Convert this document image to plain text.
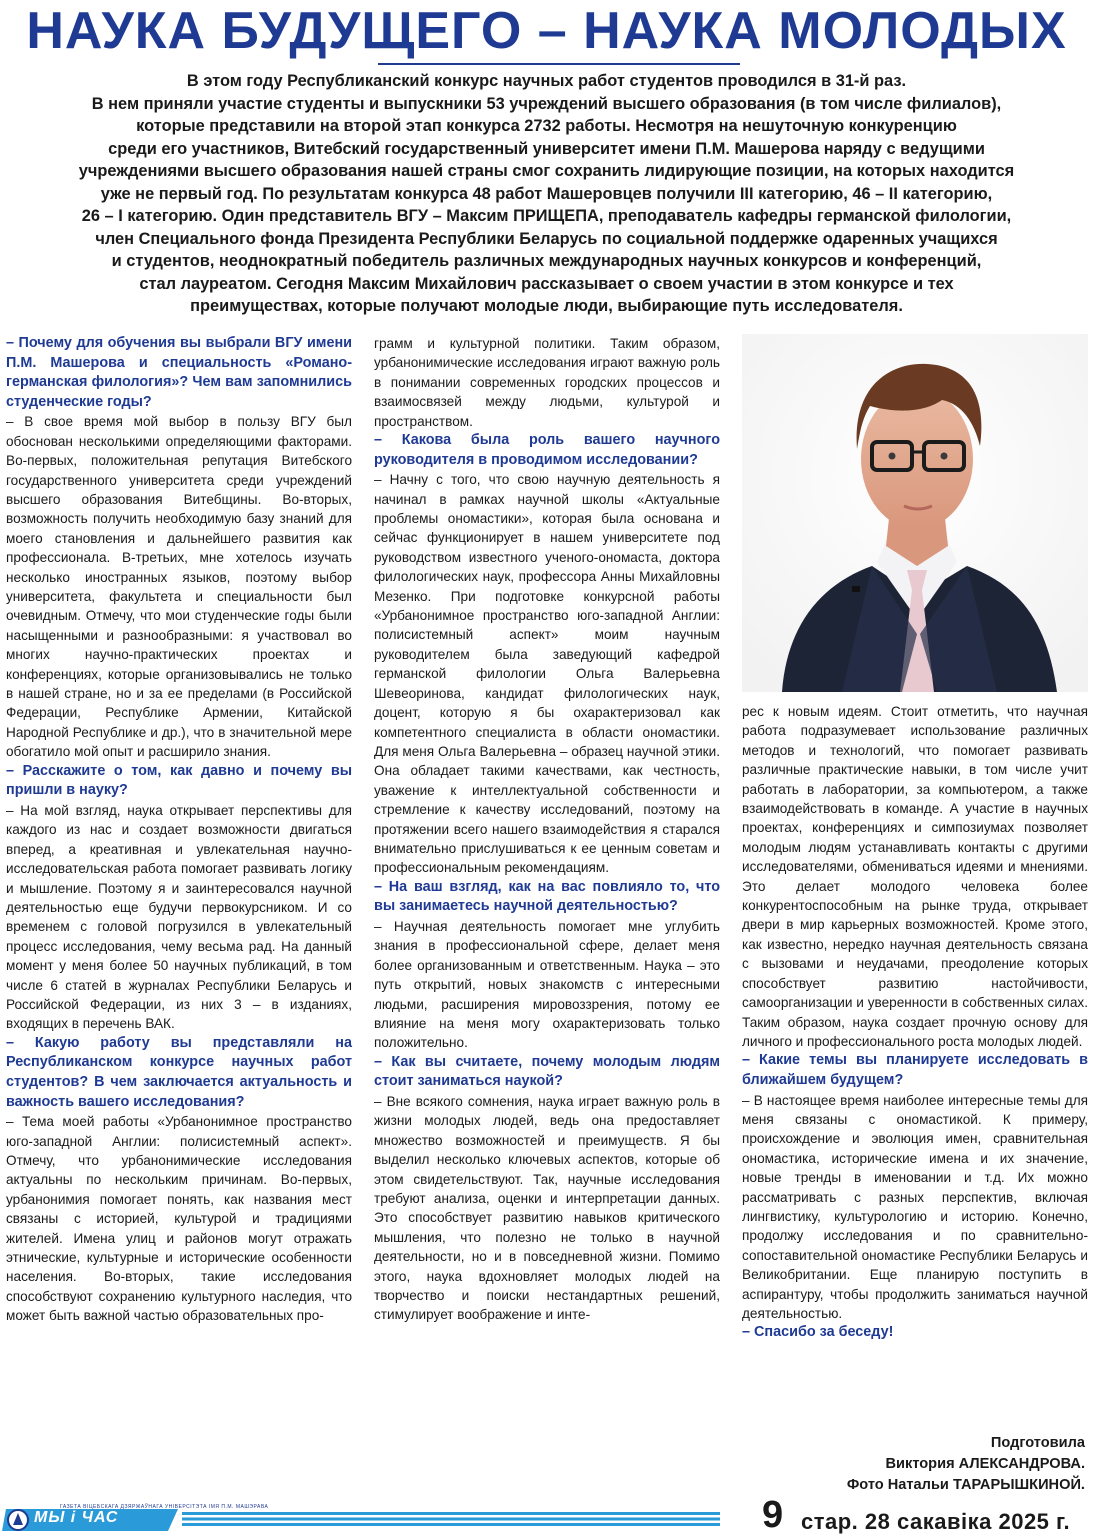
НАУКА БУДУЩЕГО – НАУКА МОЛОДЫХ

В этом году Республиканский конкурс научных работ студентов проводился в 31-й раз.

В нем приняли участие студенты и выпускники 53 учреждений высшего образования (в том числе филиалов),

которые представили на второй этап конкурса 2732 работы. Несмотря на нешуточную конкуренцию

среди его участников, Витебский государственный университет имени П.М. Машерова наряду с ведущими

учреждениями высшего образования нашей страны смог сохранить лидирующие позиции, на которых находится

уже не первый год. По результатам конкурса 48 работ Машеровцев получили III категорию, 46 – II категорию,

26 – I категорию. Один представитель ВГУ – Максим ПРИЩЕПА, преподаватель кафедры германской филологии,

член Специального фонда Президента Республики Беларусь по социальной поддержке одаренных учащихся

и студентов, неоднократный победитель различных международных научных конкурсов и конференций,

стал лауреатом. Сегодня Максим Михайлович рассказывает о своем участии в этом конкурсе и тех

преимуществах, которые получают молодые люди, выбирающие путь исследователя.

– Почему для обучения вы выбрали ВГУ имени П.М. Машерова и специальность «Романо-германская филология»? Чем вам запомнились студенческие годы?

– В свое время мой выбор в пользу ВГУ был обоснован несколькими определяющими факторами. Во-первых, положительная репутация Витебского государственного университета среди учреждений высшего образования Витебщины. Во-вторых, возможность получить необходимую базу знаний для моего становления и дальнейшего развития как профессионала. В-третьих, мне хотелось изучать несколько иностранных языков, поэтому выбор университета, факультета и специальности был очевидным. Отмечу, что мои студенческие годы были насыщенными и разнообразными: я участвовал во многих научно-практических проектах и конференциях, которые организовывались не только в нашей стране, но и за ее пределами (в Российской Федерации, Республике Армении, Китайской Народной Республике и др.), что в значительной мере обогатило мой опыт и расширило знания.

– Расскажите о том, как давно и почему вы пришли в науку?

– На мой взгляд, наука открывает перспективы для каждого из нас и создает возможности двигаться вперед, а креативная и увлекательная научно-исследовательская работа помогает развивать логику и мышление. Поэтому я и заинтересовался научной деятельностью еще будучи первокурсником. И со временем с головой погрузился в увлекательный процесс исследования, чему весьма рад. На данный момент у меня более 50 научных публикаций, в том числе 6 статей в журналах Республики Беларусь и Российской Федерации, из них 3 – в изданиях, входящих в перечень ВАК.

– Какую работу вы представляли на Республиканском конкурсе научных работ студентов? В чем заключается актуальность и важность вашего исследования?

– Тема моей работы «Урбанонимное пространство юго-западной Англии: полисистемный аспект». Отмечу, что урбанонимические исследования актуальны по нескольким причинам. Во-первых, урбанонимия помогает понять, как названия мест связаны с историей, культурой и традициями жителей. Имена улиц и районов могут отражать этнические, культурные и исторические особенности населения. Во-вторых, такие исследования способствуют сохранению культурного наследия, что может быть важной частью образовательных про-

грамм и культурной политики. Таким образом, урбанонимические исследования играют важную роль в понимании современных городских процессов и взаимосвязей между людьми, культурой и пространством.

– Какова была роль вашего научного руководителя в проводимом исследовании?

– Начну с того, что свою научную деятельность я начинал в рамках научной школы «Актуальные проблемы ономастики», которая была основана и сейчас функционирует в нашем университете под руководством известного ученого-ономаста, доктора филологических наук, профессора Анны Михайловны Мезенко. При подготовке конкурсной работы «Урбанонимное пространство юго-западной Англии: полисистемный аспект» моим научным руководителем была заведующий кафедрой германской филологии Ольга Валерьевна Шевеоринова, кандидат филологических наук, доцент, которую я бы охарактеризовал как компетентного специалиста в области ономастики. Для меня Ольга Валерьевна – образец научной этики. Она обладает такими качествами, как честность, уважение к интеллектуальной собственности и стремление к качеству исследований, поэтому на протяжении всего нашего взаимодействия я старался внимательно прислушиваться к ее ценным советам и профессиональным рекомендациям.

– На ваш взгляд, как на вас повлияло то, что вы занимаетесь научной деятельностью?

– Научная деятельность помогает мне углубить знания в профессиональной сфере, делает меня более организованным и ответственным. Наука – это путь открытий, новых знакомств с интересными людьми, расширения мировоззрения, потому ее влияние на меня могу охарактеризовать только положительно.

– Как вы считаете, почему молодым людям стоит заниматься наукой?

– Вне всякого сомнения, наука играет важную роль в жизни молодых людей, ведь она предоставляет множество возможностей и преимуществ. Я бы выделил несколько ключевых аспектов, которые об этом свидетельствуют. Так, научные исследования требуют анализа, оценки и интерпретации данных. Это способствует развитию навыков критического мышления, что полезно не только в научной деятельности, но и в повседневной жизни. Помимо этого, наука вдохновляет молодых людей на творчество и поиски нестандартных решений, стимулирует воображение и инте-

рес к новым идеям. Стоит отметить, что научная работа подразумевает использование различных методов и технологий, что помогает развивать различные практические навыки, в том числе учит работать в лаборатории, за компьютером, а также взаимодействовать в команде. А участие в научных проектах, конференциях и симпозиумах позволяет молодым людям устанавливать контакты с другими исследователями, обмениваться идеями и мнениями. Это делает молодого человека более конкурентоспособным на рынке труда, открывает двери в мир карьерных возможностей. Кроме этого, как известно, нередко научная деятельность связана с вызовами и неудачами, преодоление которых способствует развитию настойчивости, самоорганизации и уверенности в собственных силах. Таким образом, наука создает прочную основу для личного и профессионального роста молодых людей.

– Какие темы вы планируете исследовать в ближайшем будущем?

– В настоящее время наиболее интересные темы для меня связаны с ономастикой. К примеру, происхождение и эволюция имен, сравнительная ономастика, исторические имена и их значение, новые тренды в именовании и т.д. Их можно рассматривать с разных перспектив, включая лингвистику, культурологию и историю. Конечно, продолжу исследования и по сравнительно-сопоставительной ономастике Республики Беларусь и Великобритании. Еще планирую поступить в аспирантуру, чтобы продолжить заниматься научной деятельностью.

– Спасибо за беседу!

Подготовила
Виктория АЛЕКСАНДРОВА.
Фото Натальи ТАРАРЫШКИНОЙ.
ГАЗЕТА ВІЦЕБСКАГА ДЗЯРЖАЎНАГА УНІВЕРСІТЭТА ІМЯ П.М. МАШЭРАВА
МЫ і ЧАС	9 стар. 28 сакавіка 2025 г.
